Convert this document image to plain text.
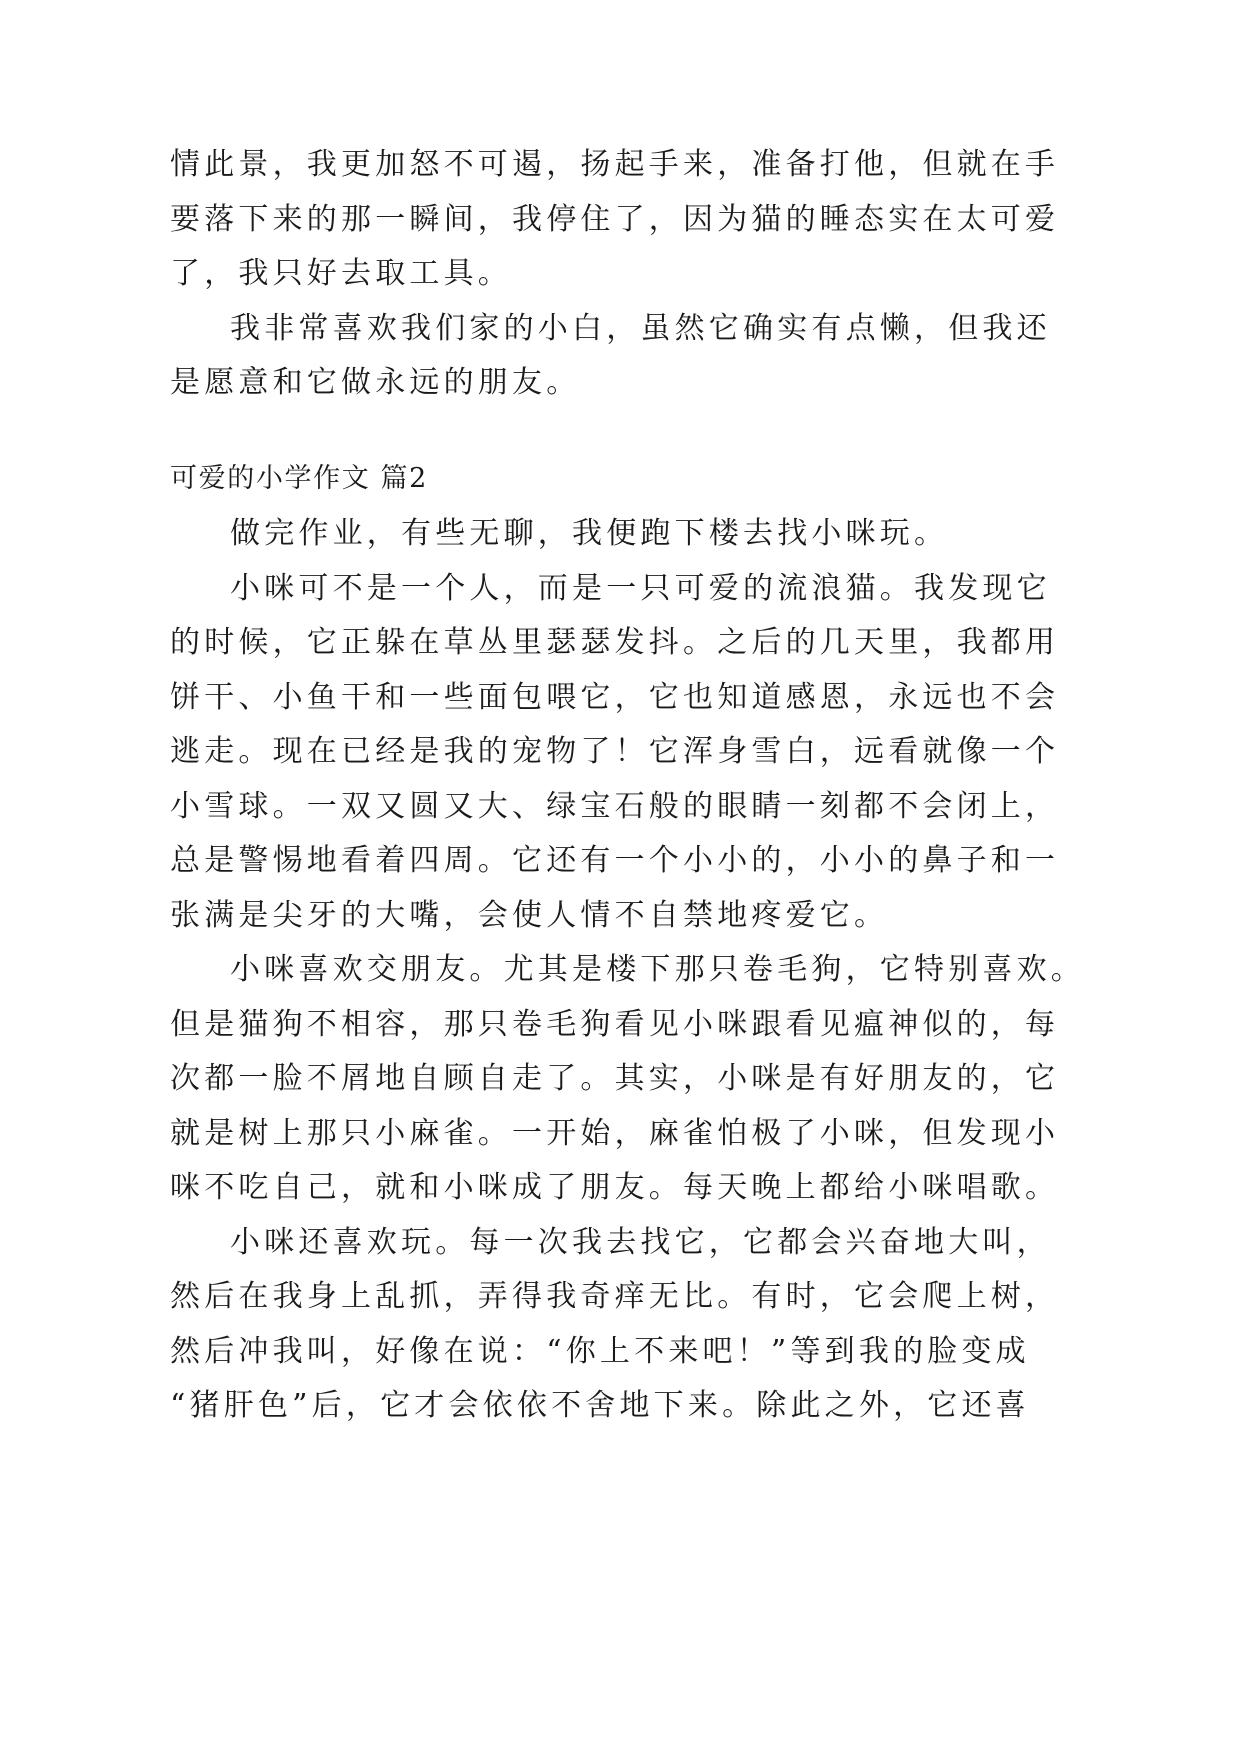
情此景，我更加怒不可遏，扬起手来，准备打他，但就在手
要落下来的那一瞬间，我停住了，因为猫的睡态实在太可爱
了，我只好去取工具。
我非常喜欢我们家的小白，虽然它确实有点懒，但我还
是愿意和它做永远的朋友。
可爱的小学作文 篇2
做完作业，有些无聊，我便跑下楼去找小咪玩。
小咪可不是一个人，而是一只可爱的流浪猫。我发现它
的时候，它正躲在草丛里瑟瑟发抖。之后的几天里，我都用
饼干、小鱼干和一些面包喂它，它也知道感恩，永远也不会
逃走。现在已经是我的宠物了！它浑身雪白，远看就像一个
小雪球。一双又圆又大、绿宝石般的眼睛一刻都不会闭上，
总是警惕地看着四周。它还有一个小小的，小小的鼻子和一
张满是尖牙的大嘴，会使人情不自禁地疼爱它。
小咪喜欢交朋友。尤其是楼下那只卷毛狗，它特别喜欢。
但是猫狗不相容，那只卷毛狗看见小咪跟看见瘟神似的，每
次都一脸不屑地自顾自走了。其实，小咪是有好朋友的，它
就是树上那只小麻雀。一开始，麻雀怕极了小咪，但发现小
咪不吃自己，就和小咪成了朋友。每天晚上都给小咪唱歌。
小咪还喜欢玩。每一次我去找它，它都会兴奋地大叫，
然后在我身上乱抓，弄得我奇痒无比。有时，它会爬上树，
然后冲我叫，好像在说：“你上不来吧！”等到我的脸变成
“猪肝色”后，它才会依依不舍地下来。除此之外，它还喜
